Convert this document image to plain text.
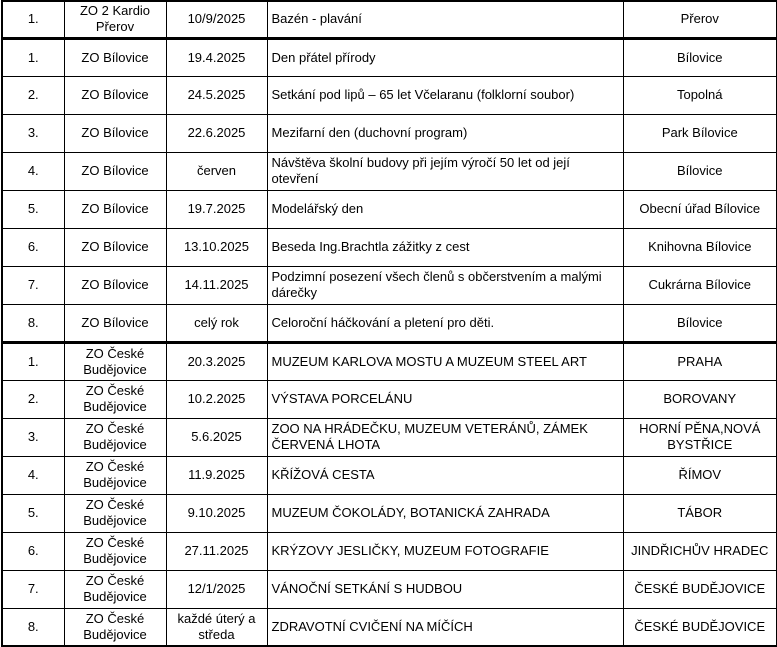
1.	ZO 2 Kardio Přerov	10/9/2025	Bazén - plavání	Přerov
1.	ZO Bílovice	19.4.2025	Den přátel přírody	Bílovice
2.	ZO Bílovice	24.5.2025	Setkání pod lipů – 65 let Včelaranu (folklorní soubor)	Topolná
3.	ZO Bílovice	22.6.2025	Mezifarní den (duchovní program)	Park Bílovice
4.	ZO Bílovice	červen	Návštěva školní budovy při jejím výročí 50 let od její otevření	Bílovice
5.	ZO Bílovice	19.7.2025	Modelářský den	Obecní úřad Bílovice
6.	ZO Bílovice	13.10.2025	Beseda Ing.Brachtla zážitky z cest	Knihovna Bílovice
7.	ZO Bílovice	14.11.2025	Podzimní posezení všech členů s občerstvením a malými dárečky	Cukrárna Bílovice
8.	ZO Bílovice	celý rok	Celoroční háčkování a pletení pro děti.	Bílovice
1.	ZO České Budějovice	20.3.2025	MUZEUM KARLOVA MOSTU A MUZEUM STEEL ART	PRAHA
2.	ZO České Budějovice	10.2.2025	VÝSTAVA PORCELÁNU	BOROVANY
3.	ZO České Budějovice	5.6.2025	ZOO NA HRÁDEČKU, MUZEUM VETERÁNŮ, ZÁMEK ČERVENÁ LHOTA	HORNÍ PĚNA,NOVÁ BYSTŘICE
4.	ZO České Budějovice	11.9.2025	KŘÍŽOVÁ CESTA	ŘÍMOV
5.	ZO České Budějovice	9.10.2025	MUZEUM ČOKOLÁDY, BOTANICKÁ ZAHRADA	TÁBOR
6.	ZO České Budějovice	27.11.2025	KRÝZOVY JESLIČKY, MUZEUM FOTOGRAFIE	JINDŘICHŮV HRADEC
7.	ZO České Budějovice	12/1/2025	VÁNOČNÍ SETKÁNÍ S HUDBOU	ČESKÉ BUDĚJOVICE
8.	ZO České Budějovice	každé úterý a středa	ZDRAVOTNÍ CVIČENÍ NA MÍČÍCH	ČESKÉ BUDĚJOVICE
